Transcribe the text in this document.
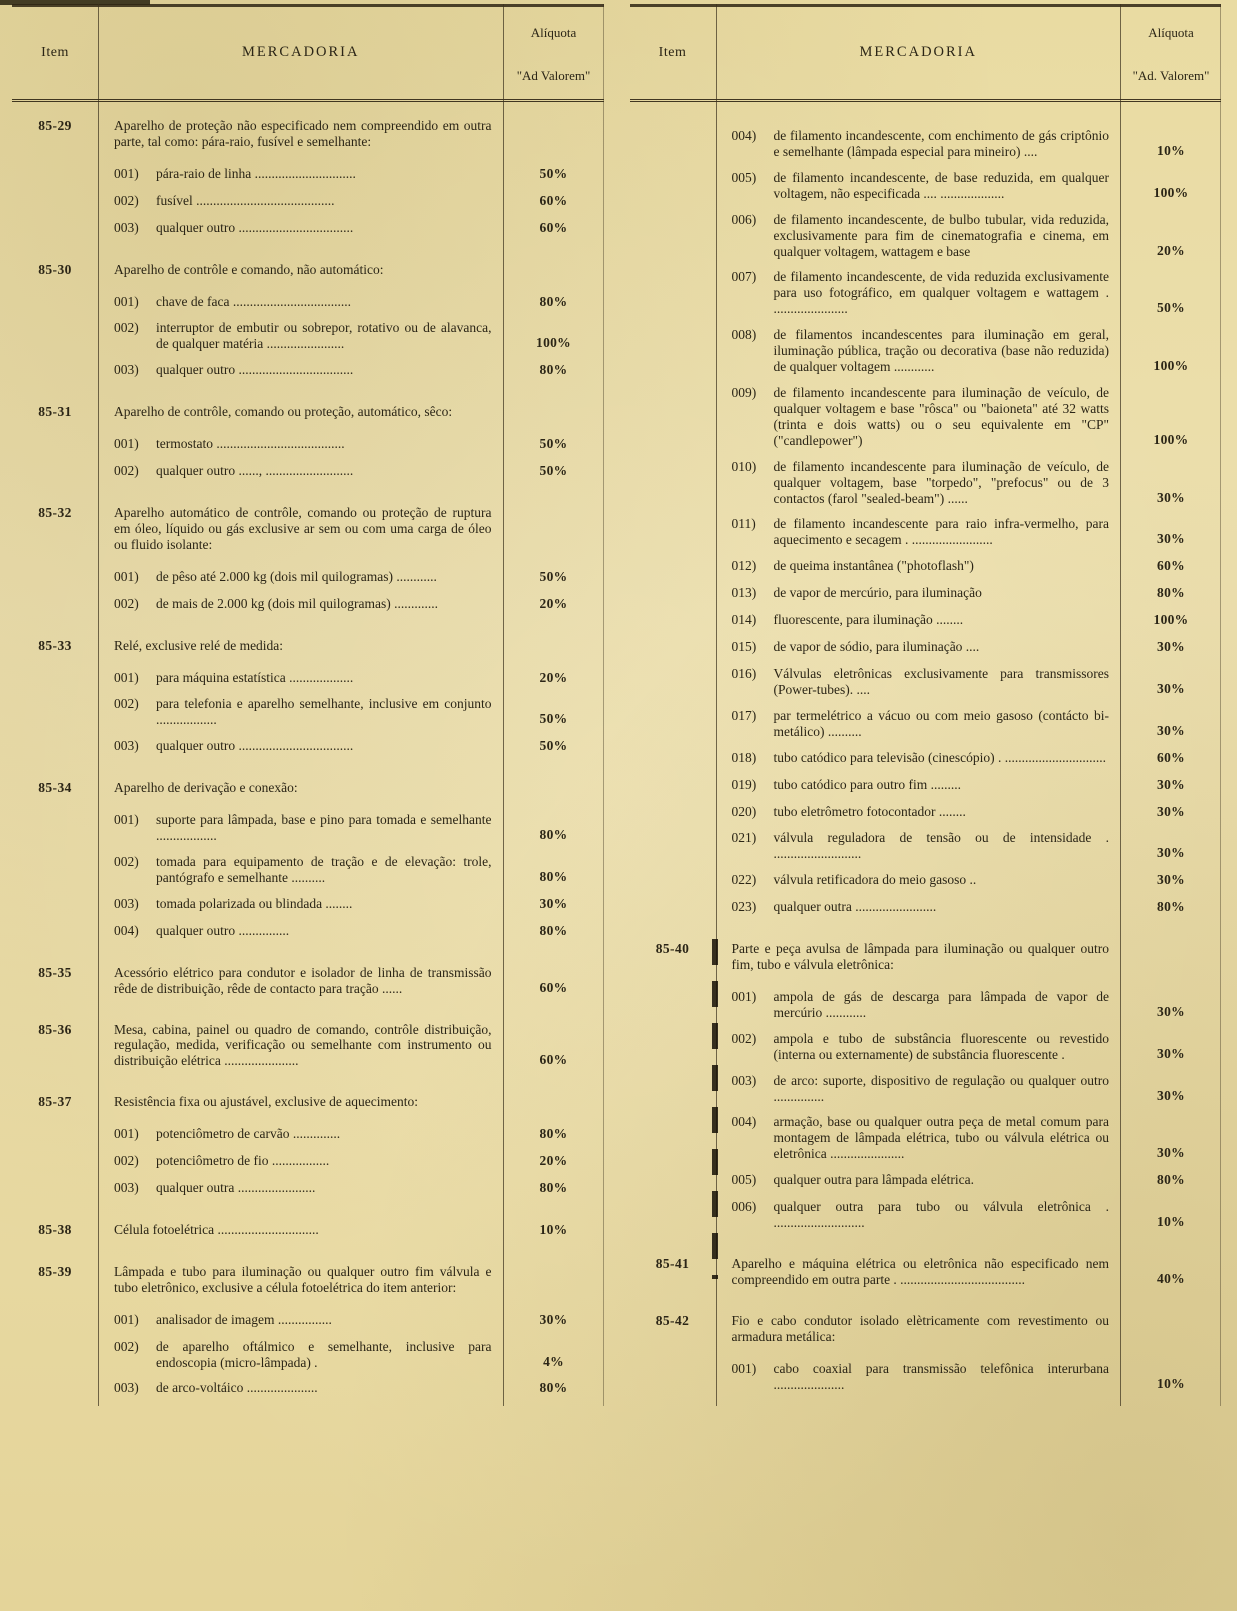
Item	MERCADORIA
Alíquota
"Ad Valorem"
85-29	Aparelho de proteção não especificado nem compreendido em outra parte, tal como: pára-raio, fusível e semelhante:
001)	pára-raio de linha ..............................	50%
002)	fusível .........................................	60%
003)	qualquer outro ..................................	60%
85-30	Aparelho de contrôle e comando, não automático:
001)	chave de faca ...................................	80%
002)	interruptor de embutir ou sobrepor, rotativo ou de alavanca, de qualquer matéria .......................	100%
003)	qualquer outro ..................................	80%
85-31	Aparelho de contrôle, comando ou proteção, automático, sêco:
001)	termostato ......................................	50%
002)	qualquer outro ......, ..........................	50%
85-32	Aparelho automático de contrôle, comando ou proteção de ruptura em óleo, líquido ou gás exclusive ar sem ou com uma carga de óleo ou fluido isolante:
001)	de pêso até 2.000 kg (dois mil quilogramas) ............	50%
002)	de mais de 2.000 kg (dois mil quilogramas) .............	20%
85-33	Relé, exclusive relé de medida:
001)	para máquina estatística ...................	20%
002)	para telefonia e aparelho semelhante, inclusive em conjunto ..................	50%
003)	qualquer outro ..................................	50%
85-34	Aparelho de derivação e conexão:
001)	suporte para lâmpada, base e pino para tomada e semelhante ..................	80%
002)	tomada para equipamento de tração e de elevação: trole, pantógrafo e semelhante ..........	80%
003)	tomada polarizada ou blindada ........	30%
004)	qualquer outro ...............	80%
85-35	Acessório elétrico para condutor e isolador de linha de transmissão rêde de distribuição, rêde de contacto para tração ......	60%
85-36	Mesa, cabina, painel ou quadro de comando, contrôle distribuição, regulação, medida, verificação ou semelhante com instrumento ou distribuição elétrica ......................	60%
85-37	Resistência fixa ou ajustável, exclusive de aquecimento:
001)	potenciômetro de carvão ..............	80%
002)	potenciômetro de fio .................	20%
003)	qualquer outra .......................	80%
85-38	Célula fotoelétrica ..............................	10%
85-39	Lâmpada e tubo para iluminação ou qualquer outro fim válvula e tubo eletrônico, exclusive a célula fotoelétrica do item anterior:
001)	analisador de imagem ................	30%
002)	de aparelho oftálmico e semelhante, inclusive para endoscopia (micro-lâmpada) .	4%
003)	de arco-voltáico .....................	80%
Item	MERCADORIA
Alíquota
"Ad. Valorem"
004)	de filamento incandescente, com enchimento de gás criptônio e semelhante (lâmpada especial para mineiro) ....	10%
005)	de filamento incandescente, de base reduzida, em qualquer voltagem, não especificada .... ...................	100%
006)	de filamento incandescente, de bulbo tubular, vida reduzida, exclusivamente para fim de cinematografia e cinema, em qualquer voltagem, wattagem e base	20%
007)	de filamento incandescente, de vida reduzida exclusivamente para uso fotográfico, em qualquer voltagem e wattagem . ......................	50%
008)	de filamentos incandescentes para iluminação em geral, iluminação pública, tração ou decorativa (base não reduzida) de qualquer voltagem ............	100%
009)	de filamento incandescente para iluminação de veículo, de qualquer voltagem e base "rôsca" ou "baioneta" até 32 watts (trinta e dois watts) ou o seu equivalente em "CP" ("candlepower")	100%
010)	de filamento incandescente para iluminação de veículo, de qualquer voltagem, base "torpedo", "prefocus" ou de 3 contactos (farol "sealed-beam") ......	30%
011)	de filamento incandescente para raio infra-vermelho, para aquecimento e secagem . ........................	30%
012)	de queima instantânea ("photoflash")	60%
013)	de vapor de mercúrio, para iluminação	80%
014)	fluorescente, para iluminação ........	100%
015)	de vapor de sódio, para iluminação ....	30%
016)	Válvulas eletrônicas exclusivamente para transmissores (Power-tubes). ....	30%
017)	par termelétrico a vácuo ou com meio gasoso (contácto bi-metálico) ..........	30%
018)	tubo catódico para televisão (cinescópio) . ..............................	60%
019)	tubo catódico para outro fim .........	30%
020)	tubo eletrômetro fotocontador ........	30%
021)	válvula reguladora de tensão ou de intensidade . ..........................	30%
022)	válvula retificadora do meio gasoso ..	30%
023)	qualquer outra ........................	80%
85-40	Parte e peça avulsa de lâmpada para iluminação ou qualquer outro fim, tubo e válvula eletrônica:
001)	ampola de gás de descarga para lâmpada de vapor de mercúrio ............	30%
002)	ampola e tubo de substância fluorescente ou revestido (interna ou externamente) de substância fluorescente .	30%
003)	de arco: suporte, dispositivo de regulação ou qualquer outro ...............	30%
004)	armação, base ou qualquer outra peça de metal comum para montagem de lâmpada elétrica, tubo ou válvula elétrica ou eletrônica ......................	30%
005)	qualquer outra para lâmpada elétrica.	80%
006)	qualquer outra para tubo ou válvula eletrônica . ...........................	10%
85-41	Aparelho e máquina elétrica ou eletrônica não especificado nem compreendido em outra parte . .....................................	40%
85-42	Fio e cabo condutor isolado elètricamente com revestimento ou armadura metálica:
001)	cabo coaxial para transmissão telefônica interurbana .....................	10%
